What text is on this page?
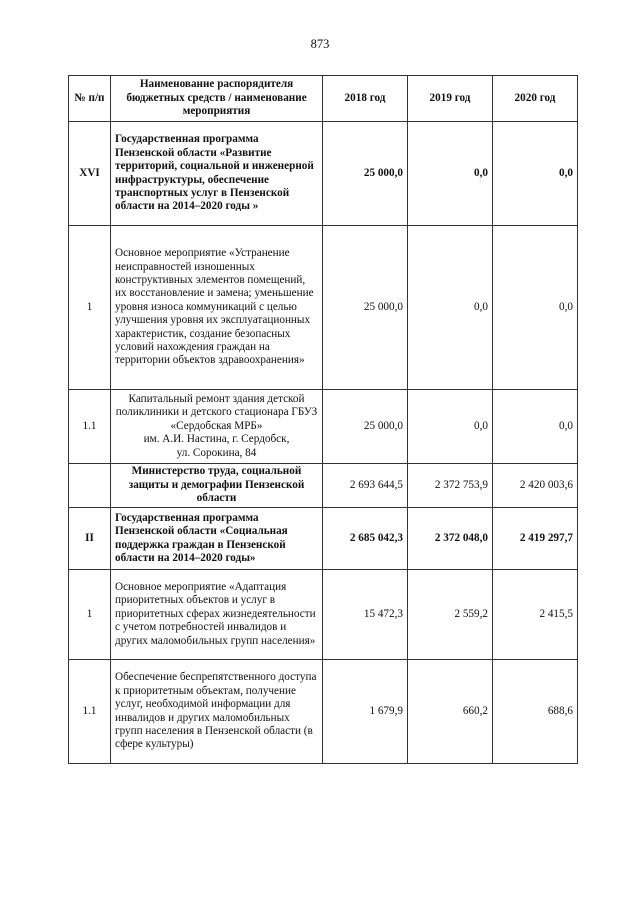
873
№ п/п	Наименование распорядителя бюджетных средств / наименование мероприятия	2018 год	2019 год	2020 год
XVI	Государственная программа Пензенской области «Развитие территорий, социальной и инженерной инфраструктуры, обеспечение транспортных услуг в Пензенской области на 2014–2020 годы »	25 000,0	0,0	0,0
1	Основное мероприятие «Устранение неисправностей изношенных конструктивных элементов помещений, их восстановление и замена; уменьшение уровня износа коммуникаций с целью улучшения уровня их эксплуатационных характеристик, создание безопасных условий нахождения граждан на территории объектов здравоохранения»	25 000,0	0,0	0,0
1.1	Капитальный ремонт здания детской поликлиники и детского стационара ГБУЗ «Сердобская МРБ»
им. А.И. Настина, г. Сердобск,
ул. Сорокина, 84	25 000,0	0,0	0,0
	Министерство труда, социальной защиты и демографии Пензенской области	2 693 644,5	2 372 753,9	2 420 003,6
II	Государственная программа Пензенской области «Социальная поддержка граждан в Пензенской области на 2014–2020 годы»	2 685 042,3	2 372 048,0	2 419 297,7
1	Основное мероприятие «Адаптация приоритетных объектов и услуг в приоритетных сферах жизнедеятельности с учетом потребностей инвалидов и других маломобильных групп населения»	15 472,3	2 559,2	2 415,5
1.1	Обеспечение беспрепятственного доступа к приоритетным объектам, получение услуг, необходимой информации для инвалидов и других маломобильных групп населения в Пензенской области (в сфере культуры)	1 679,9	660,2	688,6
